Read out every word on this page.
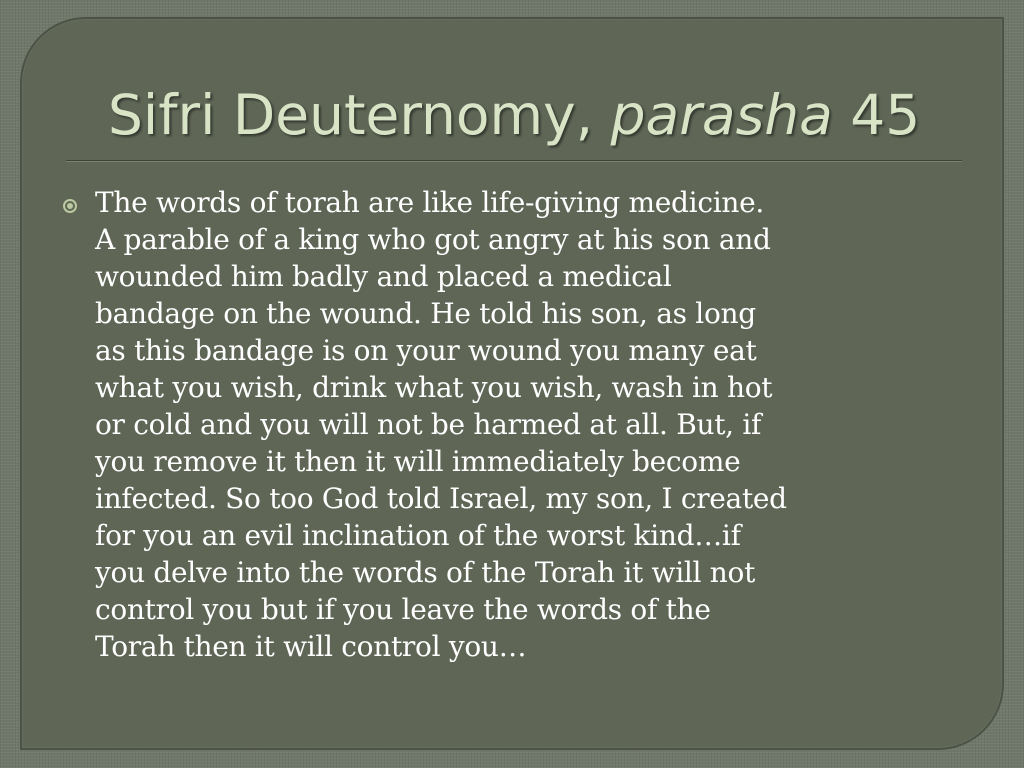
Sifri Deuternomy, parasha 45

The words of torah are like life-giving medicine.
A parable of a king who got angry at his son and
wounded him badly and placed a medical
bandage on the wound. He told his son, as long
as this bandage is on your wound you many eat
what you wish, drink what you wish, wash in hot
or cold and you will not be harmed at all. But, if
you remove it then it will immediately become
infected. So too God told Israel, my son, I created
for you an evil inclination of the worst kind…if
you delve into the words of the Torah it will not
control you but if you leave the words of the
Torah then it will control you…
